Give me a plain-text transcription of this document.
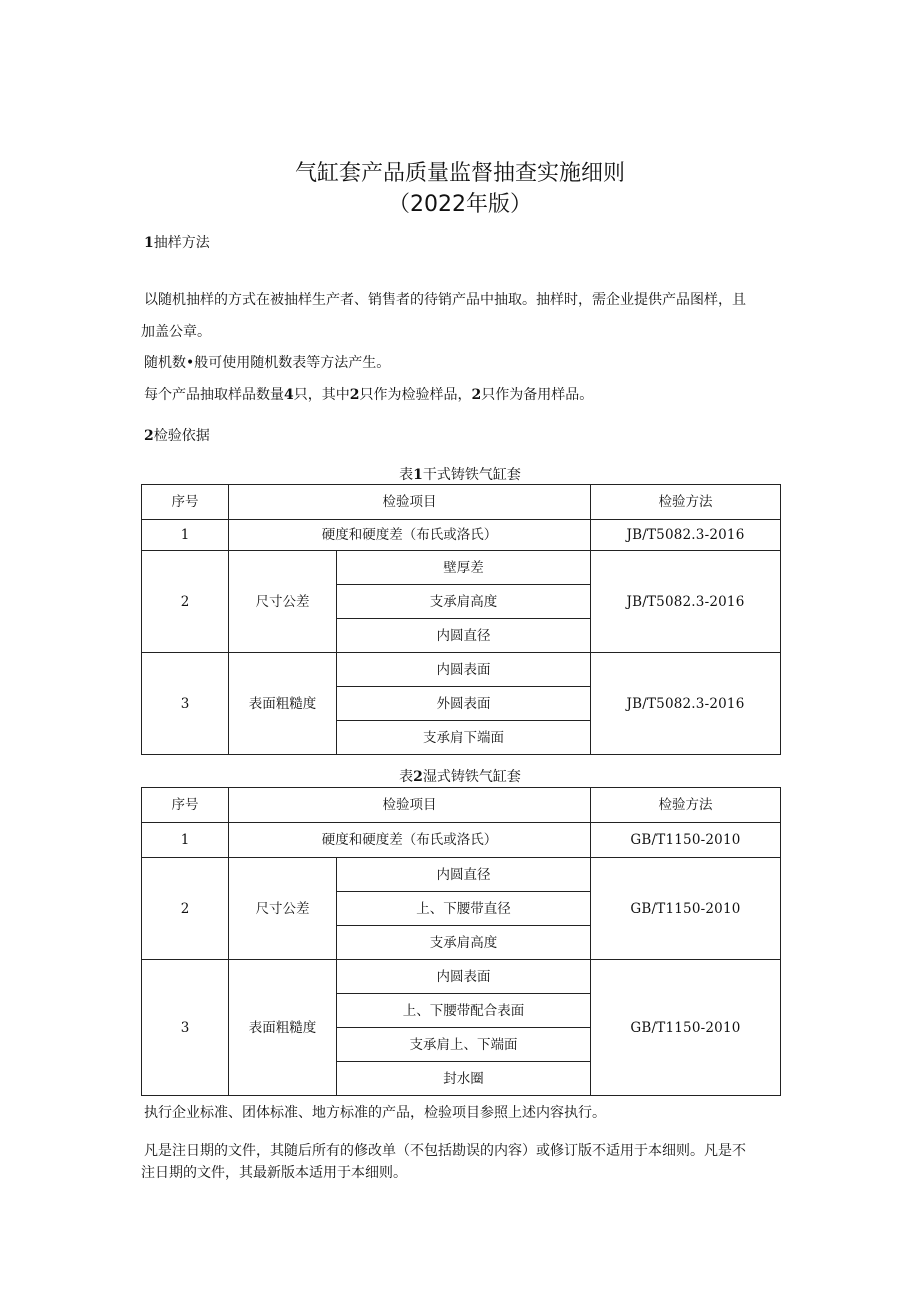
气缸套产品质量监督抽查实施细则
（2022年版）

1抽样方法

以随机抽样的方式在被抽样生产者、销售者的待销产品中抽取。抽样时，需企业提供产品图样，且
加盖公章。

随机数•般可使用随机数表等方法产生。

每个产品抽取样品数量4只，其中2只作为检验样品，2只作为备用样品。

2检验依据

表1干式铸铁气缸套
序号	检验项目		检验方法
1	硬度和硬度差（布氏或洛氏）		JB/T5082.3-2016
2	尺寸公差	壁厚差	JB/T5082.3-2016
		支承肩高度	
		内圆直径	
3	表面粗糙度	内圆表面	JB/T5082.3-2016
		外圆表面	
		支承肩下端面	
表2湿式铸铁气缸套
序号	检验项目		检验方法
1	硬度和硬度差（布氏或洛氏）		GB/T1150-2010
2	尺寸公差	内圆直径	GB/T1150-2010
		上、下腰带直径	
		支承肩高度	
3	表面粗糙度	内圆表面	GB/T1150-2010
		上、下腰带配合表面	
		支承肩上、下端面	
		封水圈	

执行企业标准、团体标准、地方标准的产品，检验项目参照上述内容执行。

凡是注日期的文件，其随后所有的修改单（不包括勘误的内容）或修订版不适用于本细则。凡是不
注日期的文件，其最新版本适用于本细则。
